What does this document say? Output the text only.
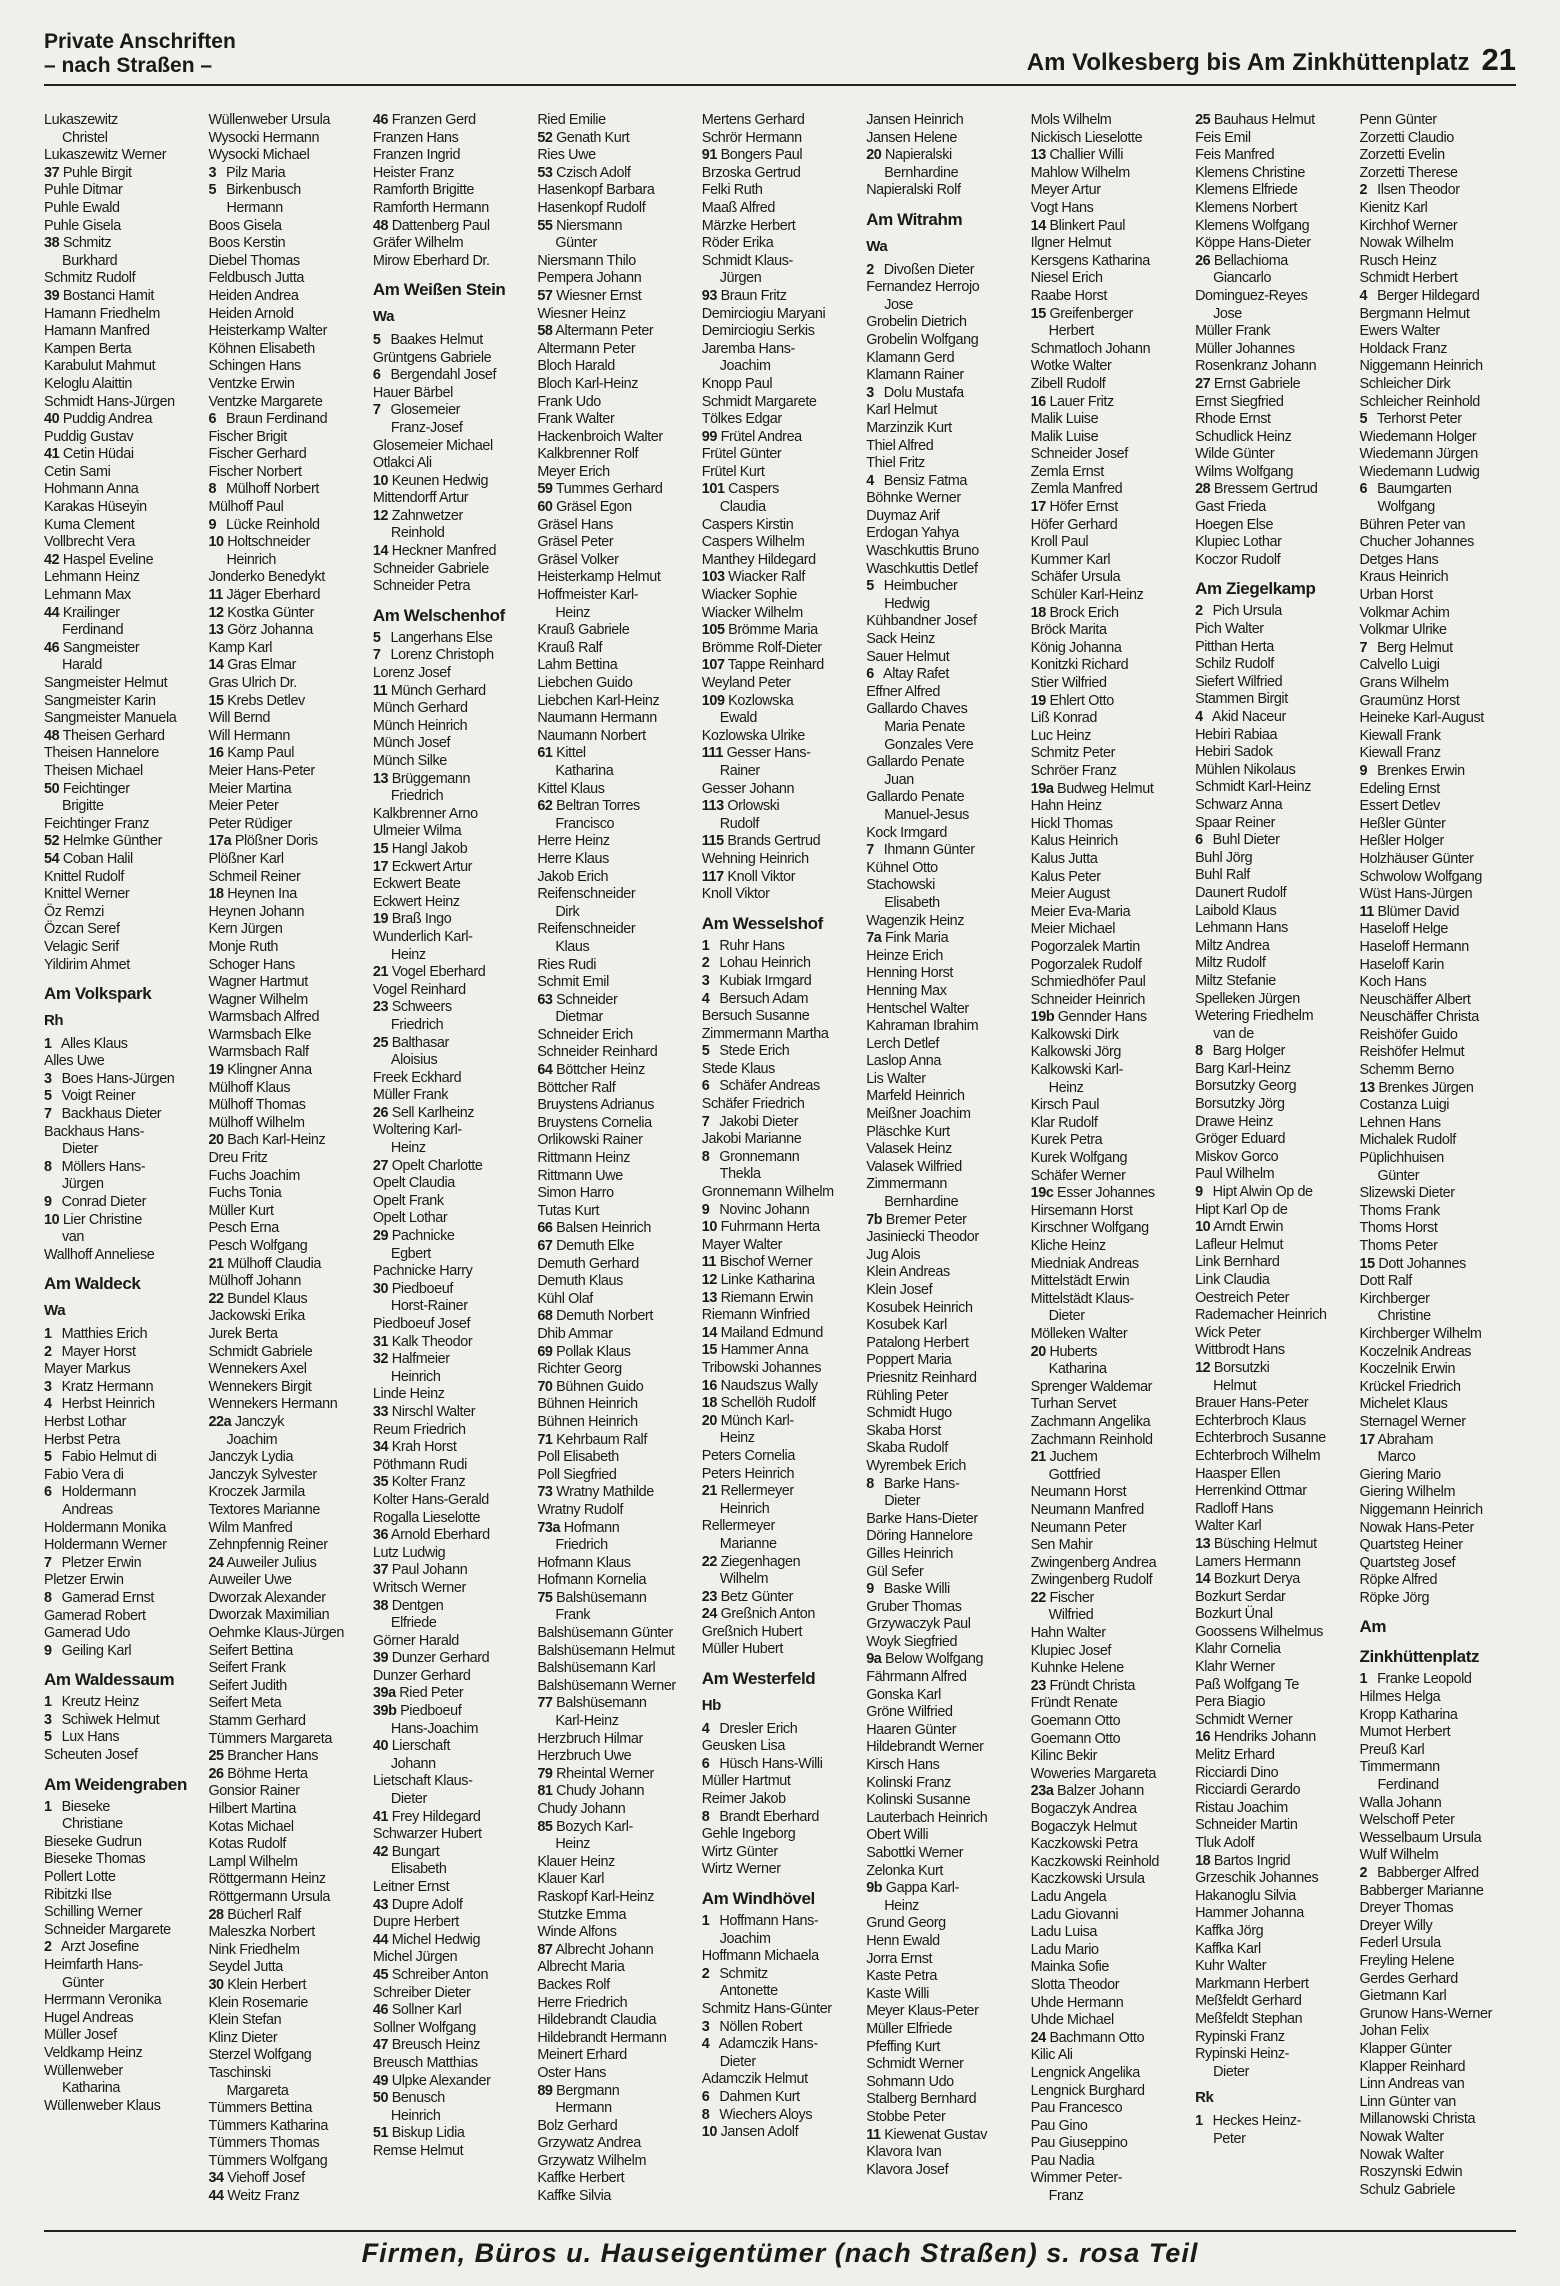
Private Anschriften
– nach Straßen –	Am Volkesberg bis Am Zinkhüttenplatz 21
Lukaszewitz
Christel
Lukaszewitz Werner
37 Puhle Birgit
Puhle Ditmar
Puhle Ewald
Puhle Gisela
38 Schmitz
Burkhard
Schmitz Rudolf
39 Bostanci Hamit
Hamann Friedhelm
Hamann Manfred
Kampen Berta
Karabulut Mahmut
Keloglu Alaittin
Schmidt Hans-Jürgen
40 Puddig Andrea
Puddig Gustav
41 Cetin Hüdai
Cetin Sami
Hohmann Anna
Karakas Hüseyin
Kuma Clement
Vollbrecht Vera
42 Haspel Eveline
Lehmann Heinz
Lehmann Max
44 Krailinger
Ferdinand
46 Sangmeister
Harald
Sangmeister Helmut
Sangmeister Karin
Sangmeister Manuela
48 Theisen Gerhard
Theisen Hannelore
Theisen Michael
50 Feichtinger
Brigitte
Feichtinger Franz
52 Helmke Günther
54 Coban Halil
Knittel Rudolf
Knittel Werner
Öz Remzi
Özcan Seref
Velagic Serif
Yildirim Ahmet
Am Volkspark
Rh
1 Alles Klaus
Alles Uwe
3 Boes Hans-Jürgen
5 Voigt Reiner
7 Backhaus Dieter
Backhaus Hans-
Dieter
8 Möllers Hans-
Jürgen
9 Conrad Dieter
10 Lier Christine
van
Wallhoff Anneliese
Am Waldeck
Wa
1 Matthies Erich
2 Mayer Horst
Mayer Markus
3 Kratz Hermann
4 Herbst Heinrich
Herbst Lothar
Herbst Petra
5 Fabio Helmut di
Fabio Vera di
6 Holdermann
Andreas
Holdermann Monika
Holdermann Werner
7 Pletzer Erwin
Pletzer Erwin
8 Gamerad Ernst
Gamerad Robert
Gamerad Udo
9 Geiling Karl
Am Waldessaum
1 Kreutz Heinz
3 Schiwek Helmut
5 Lux Hans
Scheuten Josef
Am Weidengraben
1 Bieseke
Christiane
Bieseke Gudrun
Bieseke Thomas
Pollert Lotte
Ribitzki Ilse
Schilling Werner
Schneider Margarete
2 Arzt Josefine
Heimfarth Hans-
Günter
Herrmann Veronika
Hugel Andreas
Müller Josef
Veldkamp Heinz
Wüllenweber
Katharina
Wüllenweber Klaus
Wüllenweber Ursula
Wysocki Hermann
Wysocki Michael
3 Pilz Maria
5 Birkenbusch
Hermann
Boos Gisela
Boos Kerstin
Diebel Thomas
Feldbusch Jutta
Heiden Andrea
Heiden Arnold
Heisterkamp Walter
Köhnen Elisabeth
Schingen Hans
Ventzke Erwin
Ventzke Margarete
6 Braun Ferdinand
Fischer Brigit
Fischer Gerhard
Fischer Norbert
8 Mülhoff Norbert
Mülhoff Paul
9 Lücke Reinhold
10 Holtschneider
Heinrich
Jonderko Benedykt
11 Jäger Eberhard
12 Kostka Günter
13 Görz Johanna
Kamp Karl
14 Gras Elmar
Gras Ulrich Dr.
15 Krebs Detlev
Will Bernd
Will Hermann
16 Kamp Paul
Meier Hans-Peter
Meier Martina
Meier Peter
Peter Rüdiger
17a Plößner Doris
Plößner Karl
Schmeil Reiner
18 Heynen Ina
Heynen Johann
Kern Jürgen
Monje Ruth
Schoger Hans
Wagner Hartmut
Wagner Wilhelm
Warmsbach Alfred
Warmsbach Elke
Warmsbach Ralf
19 Klingner Anna
Mülhoff Klaus
Mülhoff Thomas
Mülhoff Wilhelm
20 Bach Karl-Heinz
Dreu Fritz
Fuchs Joachim
Fuchs Tonia
Müller Kurt
Pesch Erna
Pesch Wolfgang
21 Mülhoff Claudia
Mülhoff Johann
22 Bundel Klaus
Jackowski Erika
Jurek Berta
Schmidt Gabriele
Wennekers Axel
Wennekers Birgit
Wennekers Hermann
22a Janczyk
Joachim
Janczyk Lydia
Janczyk Sylvester
Kroczek Jarmila
Textores Marianne
Wilm Manfred
Zehnpfennig Reiner
24 Auweiler Julius
Auweiler Uwe
Dworzak Alexander
Dworzak Maximilian
Oehmke Klaus-Jürgen
Seifert Bettina
Seifert Frank
Seifert Judith
Seifert Meta
Stamm Gerhard
Tümmers Margareta
25 Brancher Hans
26 Böhme Herta
Gonsior Rainer
Hilbert Martina
Kotas Michael
Kotas Rudolf
Lampl Wilhelm
Röttgermann Heinz
Röttgermann Ursula
28 Bücherl Ralf
Maleszka Norbert
Nink Friedhelm
Seydel Jutta
30 Klein Herbert
Klein Rosemarie
Klein Stefan
Klinz Dieter
Sterzel Wolfgang
Taschinski
Margareta
Tümmers Bettina
Tümmers Katharina
Tümmers Thomas
Tümmers Wolfgang
34 Viehoff Josef
44 Weitz Franz
46 Franzen Gerd
Franzen Hans
Franzen Ingrid
Heister Franz
Ramforth Brigitte
Ramforth Hermann
48 Dattenberg Paul
Gräfer Wilhelm
Mirow Eberhard Dr.
Am Weißen Stein
Wa
5 Baakes Helmut
Grüntgens Gabriele
6 Bergendahl Josef
Hauer Bärbel
7 Glosemeier
Franz-Josef
Glosemeier Michael
Otlakci Ali
10 Keunen Hedwig
Mittendorff Artur
12 Zahnwetzer
Reinhold
14 Heckner Manfred
Schneider Gabriele
Schneider Petra
Am Welschenhof
5 Langerhans Else
7 Lorenz Christoph
Lorenz Josef
11 Münch Gerhard
Münch Gerhard
Münch Heinrich
Münch Josef
Münch Silke
13 Brüggemann
Friedrich
Kalkbrenner Arno
Ulmeier Wilma
15 Hangl Jakob
17 Eckwert Artur
Eckwert Beate
Eckwert Heinz
19 Braß Ingo
Wunderlich Karl-
Heinz
21 Vogel Eberhard
Vogel Reinhard
23 Schweers
Friedrich
25 Balthasar
Aloisius
Freek Eckhard
Müller Frank
26 Sell Karlheinz
Woltering Karl-
Heinz
27 Opelt Charlotte
Opelt Claudia
Opelt Frank
Opelt Lothar
29 Pachnicke
Egbert
Pachnicke Harry
30 Piedboeuf
Horst-Rainer
Piedboeuf Josef
31 Kalk Theodor
32 Halfmeier
Heinrich
Linde Heinz
33 Nirschl Walter
Reum Friedrich
34 Krah Horst
Pöthmann Rudi
35 Kolter Franz
Kolter Hans-Gerald
Rogalla Lieselotte
36 Arnold Eberhard
Lutz Ludwig
37 Paul Johann
Writsch Werner
38 Dentgen
Elfriede
Görner Harald
39 Dunzer Gerhard
Dunzer Gerhard
39a Ried Peter
39b Piedboeuf
Hans-Joachim
40 Lierschaft
Johann
Lietschaft Klaus-
Dieter
41 Frey Hildegard
Schwarzer Hubert
42 Bungart
Elisabeth
Leitner Ernst
43 Dupre Adolf
Dupre Herbert
44 Michel Hedwig
Michel Jürgen
45 Schreiber Anton
Schreiber Dieter
46 Sollner Karl
Sollner Wolfgang
47 Breusch Heinz
Breusch Matthias
49 Ulpke Alexander
50 Benusch
Heinrich
51 Biskup Lidia
Remse Helmut
Ried Emilie
52 Genath Kurt
Ries Uwe
53 Czisch Adolf
Hasenkopf Barbara
Hasenkopf Rudolf
55 Niersmann
Günter
Niersmann Thilo
Pempera Johann
57 Wiesner Ernst
Wiesner Heinz
58 Altermann Peter
Altermann Peter
Bloch Harald
Bloch Karl-Heinz
Frank Udo
Frank Walter
Hackenbroich Walter
Kalkbrenner Rolf
Meyer Erich
59 Tummes Gerhard
60 Gräsel Egon
Gräsel Hans
Gräsel Peter
Gräsel Volker
Heisterkamp Helmut
Hoffmeister Karl-
Heinz
Krauß Gabriele
Krauß Ralf
Lahm Bettina
Liebchen Guido
Liebchen Karl-Heinz
Naumann Hermann
Naumann Norbert
61 Kittel
Katharina
Kittel Klaus
62 Beltran Torres
Francisco
Herre Heinz
Herre Klaus
Jakob Erich
Reifenschneider
Dirk
Reifenschneider
Klaus
Ries Rudi
Schmit Emil
63 Schneider
Dietmar
Schneider Erich
Schneider Reinhard
64 Böttcher Heinz
Böttcher Ralf
Bruystens Adrianus
Bruystens Cornelia
Orlikowski Rainer
Rittmann Heinz
Rittmann Uwe
Simon Harro
Tutas Kurt
66 Balsen Heinrich
67 Demuth Elke
Demuth Gerhard
Demuth Klaus
Kühl Olaf
68 Demuth Norbert
Dhib Ammar
69 Pollak Klaus
Richter Georg
70 Bühnen Guido
Bühnen Heinrich
Bühnen Heinrich
71 Kehrbaum Ralf
Poll Elisabeth
Poll Siegfried
73 Wratny Mathilde
Wratny Rudolf
73a Hofmann
Friedrich
Hofmann Klaus
Hofmann Kornelia
75 Balshüsemann
Frank
Balshüsemann Günter
Balshüsemann Helmut
Balshüsemann Karl
Balshüsemann Werner
77 Balshüsemann
Karl-Heinz
Herzbruch Hilmar
Herzbruch Uwe
79 Rheintal Werner
81 Chudy Johann
Chudy Johann
85 Bozych Karl-
Heinz
Klauer Heinz
Klauer Karl
Raskopf Karl-Heinz
Stutzke Emma
Winde Alfons
87 Albrecht Johann
Albrecht Maria
Backes Rolf
Herre Friedrich
Hildebrandt Claudia
Hildebrandt Hermann
Meinert Erhard
Oster Hans
89 Bergmann
Hermann
Bolz Gerhard
Grzywatz Andrea
Grzywatz Wilhelm
Kaffke Herbert
Kaffke Silvia
Mertens Gerhard
Schrör Hermann
91 Bongers Paul
Brzoska Gertrud
Felki Ruth
Maaß Alfred
Märzke Herbert
Röder Erika
Schmidt Klaus-
Jürgen
93 Braun Fritz
Demirciogiu Maryani
Demirciogiu Serkis
Jaremba Hans-
Joachim
Knopp Paul
Schmidt Margarete
Tölkes Edgar
99 Frütel Andrea
Frütel Günter
Frütel Kurt
101 Caspers
Claudia
Caspers Kirstin
Caspers Wilhelm
Manthey Hildegard
103 Wiacker Ralf
Wiacker Sophie
Wiacker Wilhelm
105 Brömme Maria
Brömme Rolf-Dieter
107 Tappe Reinhard
Weyland Peter
109 Kozlowska
Ewald
Kozlowska Ulrike
111 Gesser Hans-
Rainer
Gesser Johann
113 Orlowski
Rudolf
115 Brands Gertrud
Wehning Heinrich
117 Knoll Viktor
Knoll Viktor
Am Wesselshof
1 Ruhr Hans
2 Lohau Heinrich
3 Kubiak Irmgard
4 Bersuch Adam
Bersuch Susanne
Zimmermann Martha
5 Stede Erich
Stede Klaus
6 Schäfer Andreas
Schäfer Friedrich
7 Jakobi Dieter
Jakobi Marianne
8 Gronnemann
Thekla
Gronnemann Wilhelm
9 Novinc Johann
10 Fuhrmann Herta
Mayer Walter
11 Bischof Werner
12 Linke Katharina
13 Riemann Erwin
Riemann Winfried
14 Mailand Edmund
15 Hammer Anna
Tribowski Johannes
16 Naudszus Wally
18 Schellöh Rudolf
20 Münch Karl-
Heinz
Peters Cornelia
Peters Heinrich
21 Rellermeyer
Heinrich
Rellermeyer
Marianne
22 Ziegenhagen
Wilhelm
23 Betz Günter
24 Greßnich Anton
Greßnich Hubert
Müller Hubert
Am Westerfeld
Hb
4 Dresler Erich
Geusken Lisa
6 Hüsch Hans-Willi
Müller Hartmut
Reimer Jakob
8 Brandt Eberhard
Gehle Ingeborg
Wirtz Günter
Wirtz Werner
Am Windhövel
1 Hoffmann Hans-
Joachim
Hoffmann Michaela
2 Schmitz
Antonette
Schmitz Hans-Günter
3 Nöllen Robert
4 Adamczik Hans-
Dieter
Adamczik Helmut
6 Dahmen Kurt
8 Wiechers Aloys
10 Jansen Adolf
Jansen Heinrich
Jansen Helene
20 Napieralski
Bernhardine
Napieralski Rolf
Am Witrahm
Wa
2 Divoßen Dieter
Fernandez Herrojo
Jose
Grobelin Dietrich
Grobelin Wolfgang
Klamann Gerd
Klamann Rainer
3 Dolu Mustafa
Karl Helmut
Marzinzik Kurt
Thiel Alfred
Thiel Fritz
4 Bensiz Fatma
Böhnke Werner
Duymaz Arif
Erdogan Yahya
Waschkuttis Bruno
Waschkuttis Detlef
5 Heimbucher
Hedwig
Kühbandner Josef
Sack Heinz
Sauer Helmut
6 Altay Rafet
Effner Alfred
Gallardo Chaves
Maria Penate
Gonzales Vere
Gallardo Penate
Juan
Gallardo Penate
Manuel-Jesus
Kock Irmgard
7 Ihmann Günter
Kühnel Otto
Stachowski
Elisabeth
Wagenzik Heinz
7a Fink Maria
Heinze Erich
Henning Horst
Henning Max
Hentschel Walter
Kahraman Ibrahim
Lerch Detlef
Laslop Anna
Lis Walter
Marfeld Heinrich
Meißner Joachim
Pläschke Kurt
Valasek Heinz
Valasek Wilfried
Zimmermann
Bernhardine
7b Bremer Peter
Jasiniecki Theodor
Jug Alois
Klein Andreas
Klein Josef
Kosubek Heinrich
Kosubek Karl
Patalong Herbert
Poppert Maria
Priesnitz Reinhard
Rühling Peter
Schmidt Hugo
Skaba Horst
Skaba Rudolf
Wyrembek Erich
8 Barke Hans-
Dieter
Barke Hans-Dieter
Döring Hannelore
Gilles Heinrich
Gül Sefer
9 Baske Willi
Gruber Thomas
Grzywaczyk Paul
Woyk Siegfried
9a Below Wolfgang
Fährmann Alfred
Gonska Karl
Gröne Wilfried
Haaren Günter
Hildebrandt Werner
Kirsch Hans
Kolinski Franz
Kolinski Susanne
Lauterbach Heinrich
Obert Willi
Sabottki Werner
Zelonka Kurt
9b Gappa Karl-
Heinz
Grund Georg
Henn Ewald
Jorra Ernst
Kaste Petra
Kaste Willi
Meyer Klaus-Peter
Müller Elfriede
Pfeffing Kurt
Schmidt Werner
Sohmann Udo
Stalberg Bernhard
Stobbe Peter
11 Kiewenat Gustav
Klavora Ivan
Klavora Josef
Mols Wilhelm
Nickisch Lieselotte
13 Challier Willi
Mahlow Wilhelm
Meyer Artur
Vogt Hans
14 Blinkert Paul
Ilgner Helmut
Kersgens Katharina
Niesel Erich
Raabe Horst
15 Greifenberger
Herbert
Schmatloch Johann
Wotke Walter
Zibell Rudolf
16 Lauer Fritz
Malik Luise
Malik Luise
Schneider Josef
Zemla Ernst
Zemla Manfred
17 Höfer Ernst
Höfer Gerhard
Kroll Paul
Kummer Karl
Schäfer Ursula
Schüler Karl-Heinz
18 Brock Erich
Bröck Marita
König Johanna
Konitzki Richard
Stier Wilfried
19 Ehlert Otto
Liß Konrad
Luc Heinz
Schmitz Peter
Schröer Franz
19a Budweg Helmut
Hahn Heinz
Hickl Thomas
Kalus Heinrich
Kalus Jutta
Kalus Peter
Meier August
Meier Eva-Maria
Meier Michael
Pogorzalek Martin
Pogorzalek Rudolf
Schmiedhöfer Paul
Schneider Heinrich
19b Gennder Hans
Kalkowski Dirk
Kalkowski Jörg
Kalkowski Karl-
Heinz
Kirsch Paul
Klar Rudolf
Kurek Petra
Kurek Wolfgang
Schäfer Werner
19c Esser Johannes
Hirsemann Horst
Kirschner Wolfgang
Kliche Heinz
Miedniak Andreas
Mittelstädt Erwin
Mittelstädt Klaus-
Dieter
Mölleken Walter
20 Huberts
Katharina
Sprenger Waldemar
Turhan Servet
Zachmann Angelika
Zachmann Reinhold
21 Juchem
Gottfried
Neumann Horst
Neumann Manfred
Neumann Peter
Sen Mahir
Zwingenberg Andrea
Zwingenberg Rudolf
22 Fischer
Wilfried
Hahn Walter
Klupiec Josef
Kuhnke Helene
23 Fründt Christa
Fründt Renate
Goemann Otto
Goemann Otto
Kilinc Bekir
Woweries Margareta
23a Balzer Johann
Bogaczyk Andrea
Bogaczyk Helmut
Kaczkowski Petra
Kaczkowski Reinhold
Kaczkowski Ursula
Ladu Angela
Ladu Giovanni
Ladu Luisa
Ladu Mario
Mainka Sofie
Slotta Theodor
Uhde Hermann
Uhde Michael
24 Bachmann Otto
Kilic Ali
Lengnick Angelika
Lengnick Burghard
Pau Francesco
Pau Gino
Pau Giuseppino
Pau Nadia
Wimmer Peter-
Franz
25 Bauhaus Helmut
Feis Emil
Feis Manfred
Klemens Christine
Klemens Elfriede
Klemens Norbert
Klemens Wolfgang
Köppe Hans-Dieter
26 Bellachioma
Giancarlo
Dominguez-Reyes
Jose
Müller Frank
Müller Johannes
Rosenkranz Johann
27 Ernst Gabriele
Ernst Siegfried
Rhode Ernst
Schudlick Heinz
Wilde Günter
Wilms Wolfgang
28 Bressem Gertrud
Gast Frieda
Hoegen Else
Klupiec Lothar
Koczor Rudolf
Am Ziegelkamp
2 Pich Ursula
Pich Walter
Pitthan Herta
Schilz Rudolf
Siefert Wilfried
Stammen Birgit
4 Akid Naceur
Hebiri Rabiaa
Hebiri Sadok
Mühlen Nikolaus
Schmidt Karl-Heinz
Schwarz Anna
Spaar Reiner
6 Buhl Dieter
Buhl Jörg
Buhl Ralf
Daunert Rudolf
Laibold Klaus
Lehmann Hans
Miltz Andrea
Miltz Rudolf
Miltz Stefanie
Spelleken Jürgen
Wetering Friedhelm
van de
8 Barg Holger
Barg Karl-Heinz
Borsutzky Georg
Borsutzky Jörg
Drawe Heinz
Gröger Eduard
Miskov Gorco
Paul Wilhelm
9 Hipt Alwin Op de
Hipt Karl Op de
10 Arndt Erwin
Lafleur Helmut
Link Bernhard
Link Claudia
Oestreich Peter
Rademacher Heinrich
Wick Peter
Wittbrodt Hans
12 Borsutzki
Helmut
Brauer Hans-Peter
Echterbroch Klaus
Echterbroch Susanne
Echterbroch Wilhelm
Haasper Ellen
Herrenkind Ottmar
Radloff Hans
Walter Karl
13 Büsching Helmut
Lamers Hermann
14 Bozkurt Derya
Bozkurt Serdar
Bozkurt Ünal
Goossens Wilhelmus
Klahr Cornelia
Klahr Werner
Paß Wolfgang Te
Pera Biagio
Schmidt Werner
16 Hendriks Johann
Melitz Erhard
Ricciardi Dino
Ricciardi Gerardo
Ristau Joachim
Schneider Martin
Tluk Adolf
18 Bartos Ingrid
Grzeschik Johannes
Hakanoglu Silvia
Hammer Johanna
Kaffka Jörg
Kaffka Karl
Kuhr Walter
Markmann Herbert
Meßfeldt Gerhard
Meßfeldt Stephan
Rypinski Franz
Rypinski Heinz-
Dieter
Rk
1 Heckes Heinz-
Peter
Penn Günter
Zorzetti Claudio
Zorzetti Evelin
Zorzetti Therese
2 Ilsen Theodor
Kienitz Karl
Kirchhof Werner
Nowak Wilhelm
Rusch Heinz
Schmidt Herbert
4 Berger Hildegard
Bergmann Helmut
Ewers Walter
Holdack Franz
Niggemann Heinrich
Schleicher Dirk
Schleicher Reinhold
5 Terhorst Peter
Wiedemann Holger
Wiedemann Jürgen
Wiedemann Ludwig
6 Baumgarten
Wolfgang
Bühren Peter van
Chucher Johannes
Detges Hans
Kraus Heinrich
Urban Horst
Volkmar Achim
Volkmar Ulrike
7 Berg Helmut
Calvello Luigi
Grans Wilhelm
Graumünz Horst
Heineke Karl-August
Kiewall Frank
Kiewall Franz
9 Brenkes Erwin
Edeling Ernst
Essert Detlev
Heßler Günter
Heßler Holger
Holzhäuser Günter
Schwolow Wolfgang
Wüst Hans-Jürgen
11 Blümer David
Haseloff Helge
Haseloff Hermann
Haseloff Karin
Koch Hans
Neuschäffer Albert
Neuschäffer Christa
Reishöfer Guido
Reishöfer Helmut
Schemm Berno
13 Brenkes Jürgen
Costanza Luigi
Lehnen Hans
Michalek Rudolf
Püplichhuisen
Günter
Slizewski Dieter
Thoms Frank
Thoms Horst
Thoms Peter
15 Dott Johannes
Dott Ralf
Kirchberger
Christine
Kirchberger Wilhelm
Koczelnik Andreas
Koczelnik Erwin
Krückel Friedrich
Michelet Klaus
Sternagel Werner
17 Abraham
Marco
Giering Mario
Giering Wilhelm
Niggemann Heinrich
Nowak Hans-Peter
Quartsteg Heiner
Quartsteg Josef
Röpke Alfred
Röpke Jörg
Am
Zinkhüttenplatz
1 Franke Leopold
Hilmes Helga
Kropp Katharina
Mumot Herbert
Preuß Karl
Timmermann
Ferdinand
Walla Johann
Welschoff Peter
Wesselbaum Ursula
Wulf Wilhelm
2 Babberger Alfred
Babberger Marianne
Dreyer Thomas
Dreyer Willy
Federl Ursula
Freyling Helene
Gerdes Gerhard
Gietmann Karl
Grunow Hans-Werner
Johan Felix
Klapper Günter
Klapper Reinhard
Linn Andreas van
Linn Günter van
Millanowski Christa
Nowak Walter
Nowak Walter
Roszynski Edwin
Schulz Gabriele
Firmen, Büros u. Hauseigentümer (nach Straßen) s. rosa Teil
